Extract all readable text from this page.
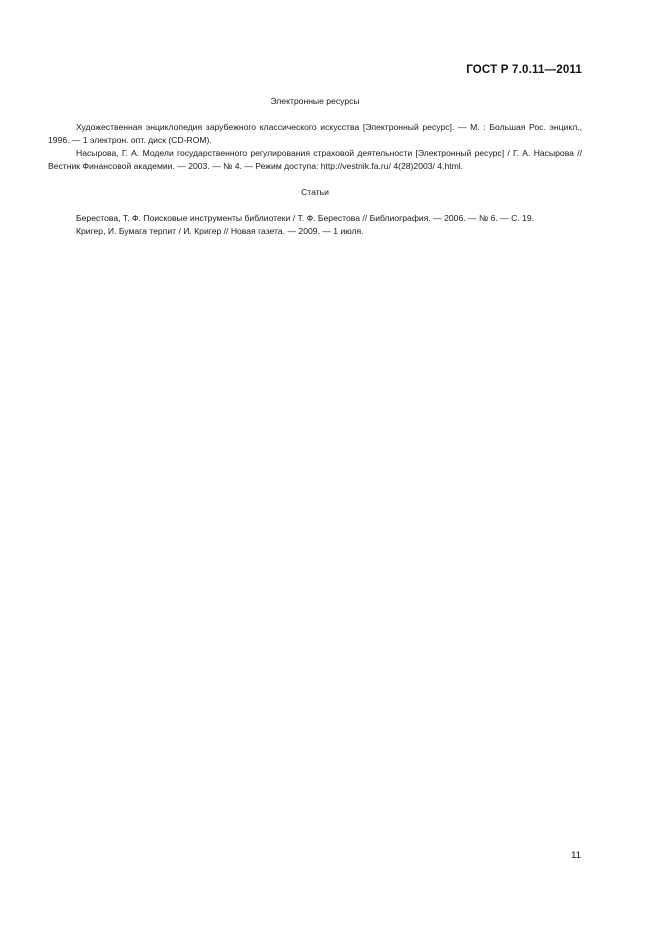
ГОСТ Р 7.0.11—2011

Электронные ресурсы

Художественная энциклопедия зарубежного классического искусства [Электронный ресурс]. — М. : Большая Рос. энцикл., 1996. — 1 электрон. опт. диск (CD-ROM).

Насырова, Г. А. Модели государственного регулирования страховой деятельности [Электронный ресурс] / Г. А. Насырова // Вестник Финансовой академии. — 2003. — № 4. — Режим доступа: http://vestnik.fa.ru/ 4(28)2003/ 4.html.

Статьи

Берестова, Т. Ф. Поисковые инструменты библиотеки / Т. Ф. Берестова // Библиография. — 2006. — № 6. — С. 19.

Кригер, И. Бумага терпит / И. Кригер // Новая газета. — 2009. — 1 июля.

11
